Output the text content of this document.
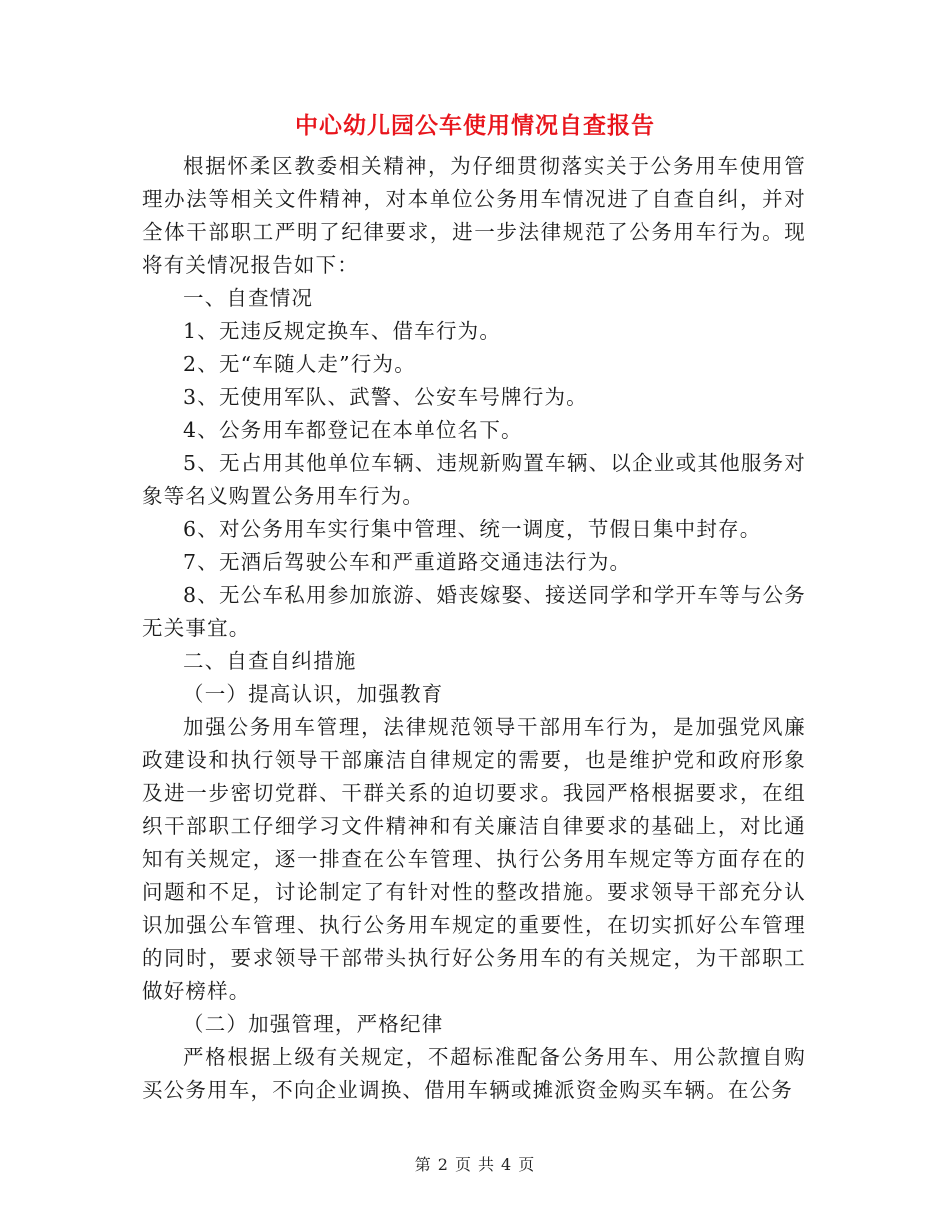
中心幼儿园公车使用情况自查报告

根据怀柔区教委相关精神，为仔细贯彻落实关于公务用车使用管理办法等相关文件精神，对本单位公务用车情况进了自查自纠，并对全体干部职工严明了纪律要求，进一步法律规范了公务用车行为。现将有关情况报告如下：

一、自查情况

1、无违反规定换车、借车行为。

2、无“车随人走”行为。

3、无使用军队、武警、公安车号牌行为。

4、公务用车都登记在本单位名下。

5、无占用其他单位车辆、违规新购置车辆、以企业或其他服务对象等名义购置公务用车行为。

6、对公务用车实行集中管理、统一调度，节假日集中封存。

7、无酒后驾驶公车和严重道路交通违法行为。

8、无公车私用参加旅游、婚丧嫁娶、接送同学和学开车等与公务无关事宜。

二、自查自纠措施

（一）提高认识，加强教育

加强公务用车管理，法律规范领导干部用车行为，是加强党风廉政建设和执行领导干部廉洁自律规定的需要，也是维护党和政府形象及进一步密切党群、干群关系的迫切要求。我园严格根据要求，在组织干部职工仔细学习文件精神和有关廉洁自律要求的基础上，对比通知有关规定，逐一排查在公车管理、执行公务用车规定等方面存在的问题和不足，讨论制定了有针对性的整改措施。要求领导干部充分认识加强公车管理、执行公务用车规定的重要性，在切实抓好公车管理的同时，要求领导干部带头执行好公务用车的有关规定，为干部职工做好榜样。

（二）加强管理，严格纪律

严格根据上级有关规定，不超标准配备公务用车、用公款擅自购买公务用车，不向企业调换、借用车辆或摊派资金购买车辆。在公务

第 2 页 共 4 页
